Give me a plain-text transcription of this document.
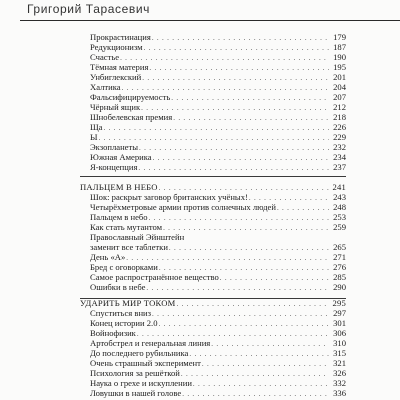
Григорий Тарасевич
Прокрастинация . . .	179
Редукционизм . . .	187
Счастье . . .	190
Тёмная материя . . .	195
Унбиглекский . . .	201
Халтика . . .	204
Фальсифицируемость . . .	207
Чёрный ящик . . .	212
Шнобелевская премия . . .	218
Ща . . .	226
Ы . . .	229
Экзопланеты . . .	232
Южная Америка . . .	234
Я-концепция . . .	237
ПАЛЬЦЕМ В НЕБО . . .	241
Шок: раскрыт заговор британских учёных! . . .	243
Четырёхметровые армии против солнечных людей . . .	248
Пальцем в небо . . .	253
Как стать мутантом . . .	259
Православный Эйнштейн
заменит все таблетки . . .	265
День «А» . . .	271
Бред с оговорками . . .	276
Самое распространённое вещество . . .	285
Ошибки в небе . . .	290
УДАРИТЬ МИР ТОКОМ . . .	295
Спуститься вниз . . .	297
Конец истории 2.0 . . .	301
Войнофизик . . .	306
Артобстрел и генеральная линия . . .	310
До последнего рубильника . . .	315
Очень страшный эксперимент . . .	321
Психология за решёткой . . .	326
Наука о грехе и искуплении . . .	332
Ловушки в нашей голове . . .	336
